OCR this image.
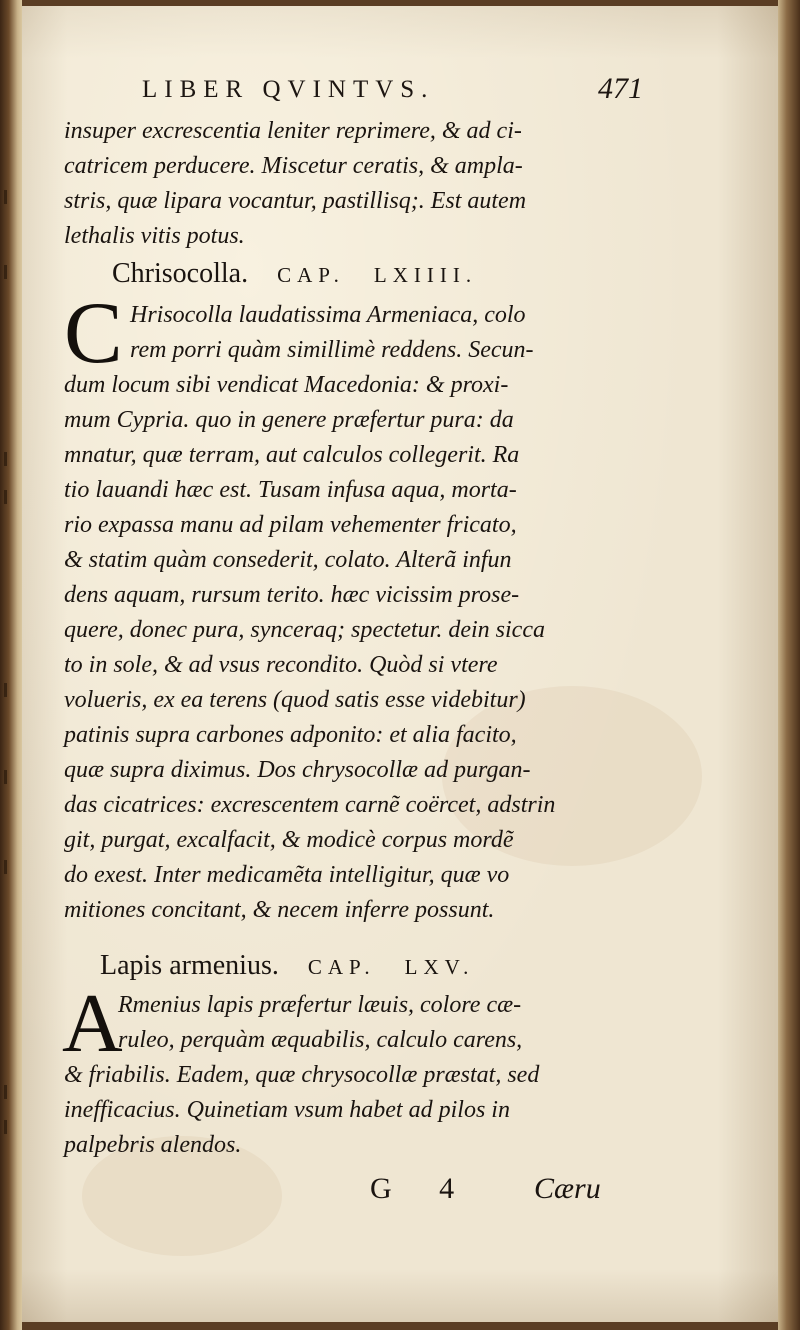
LIBER QVINTVS.	471
insuper excrescentia leniter reprimere, & ad ci-
catricem perducere. Miscetur ceratis, & ampla-
stris, quæ lipara vocantur, pastillisq;. Est autem
lethalis vitis potus.
Chrisocolla. CAP. LXIIII.
C Hrisocolla laudatissima Armeniaca, colo
rem porri quàm simillimè reddens. Secun-
dum locum sibi vendicat Macedonia: & proxi-
mum Cypria. quo in genere præfertur pura: da
mnatur, quæ terram, aut calculos collegerit. Ra
tio lauandi hæc est. Tusam infusa aqua, morta-
rio expassa manu ad pilam vehementer fricato,
& statim quàm consederit, colato. Alterã infun
dens aquam, rursum terito. hæc vicissim prose-
quere, donec pura, synceraq; spectetur. dein sicca
to in sole, & ad vsus recondito. Quòd si vtere
volueris, ex ea terens (quod satis esse videbitur)
patinis supra carbones adponito: et alia facito,
quæ supra diximus. Dos chrysocollæ ad purgan-
das cicatrices: excrescentem carnẽ coërcet, adstrin
git, purgat, excalfacit, & modicè corpus mordẽ
do exest. Inter medicamẽta intelligitur, quæ vo
mitiones concitant, & necem inferre possunt.
Lapis armenius. CAP. LXV.
A
Rmenius lapis præfertur læuis, colore cæ-
ruleo, perquàm æquabilis, calculo carens,
& friabilis. Eadem, quæ chrysocollæ præstat, sed
inefficacius. Quinetiam vsum habet ad pilos in
palpebris alendos.
G 4 Cæru
